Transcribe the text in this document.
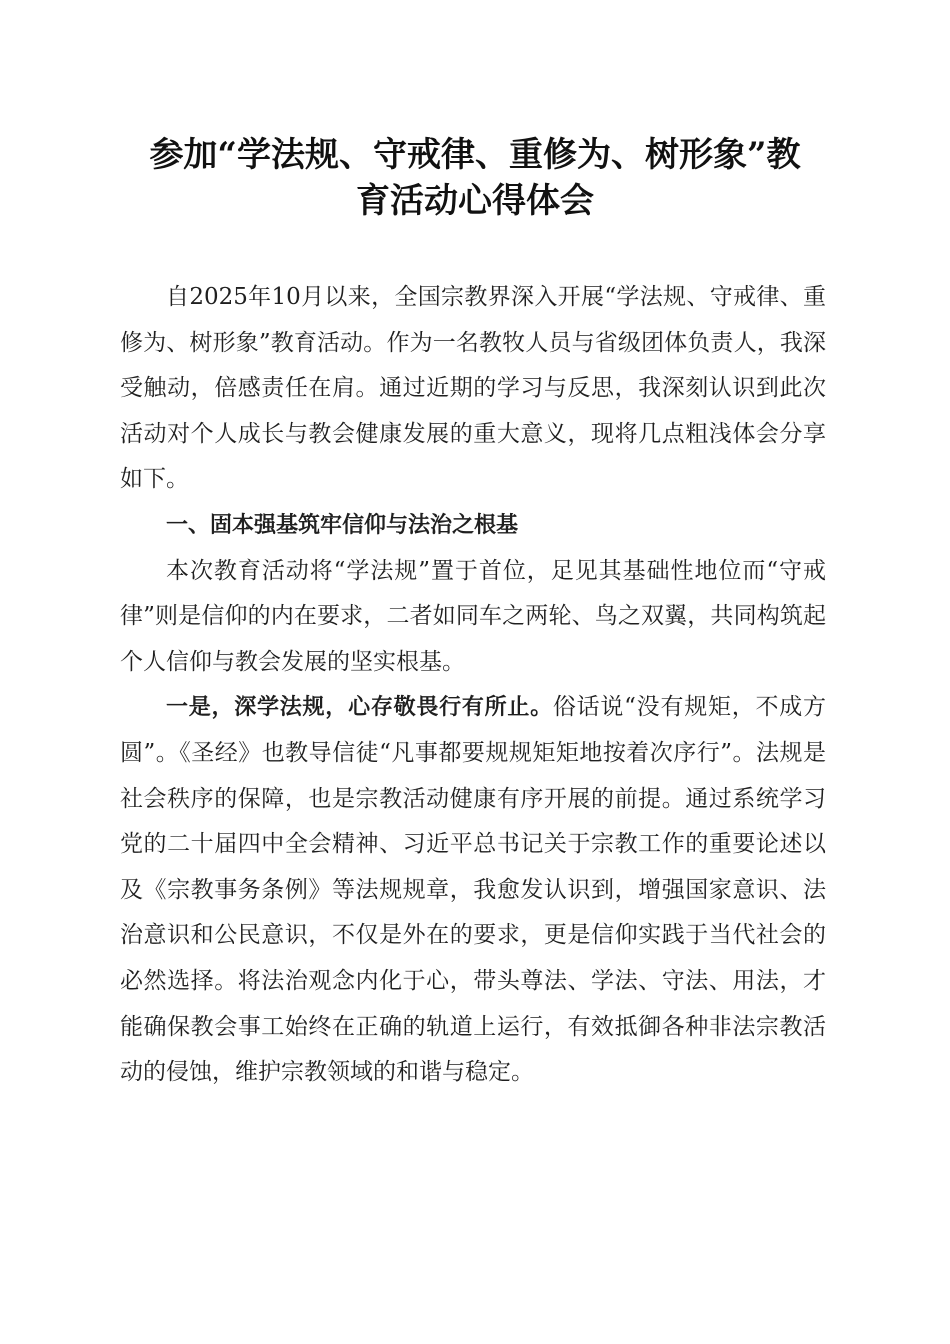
参加“学法规、守戒律、重修为、树形象”教
育活动心得体会

自2025年10月以来，全国宗教界深入开展“学法规、守戒律、重修为、树形象”教育活动。作为一名教牧人员与省级团体负责人，我深受触动，倍感责任在肩。通过近期的学习与反思，我深刻认识到此次活动对个人成长与教会健康发展的重大意义，现将几点粗浅体会分享如下。

一、固本强基筑牢信仰与法治之根基

本次教育活动将“学法规”置于首位，足见其基础性地位而“守戒律”则是信仰的内在要求，二者如同车之两轮、鸟之双翼，共同构筑起个人信仰与教会发展的坚实根基。

一是，深学法规，心存敬畏行有所止。俗话说“没有规矩，不成方圆”。《圣经》也教导信徒“凡事都要规规矩矩地按着次序行”。法规是社会秩序的保障，也是宗教活动健康有序开展的前提。通过系统学习党的二十届四中全会精神、习近平总书记关于宗教工作的重要论述以及《宗教事务条例》等法规规章，我愈发认识到，增强国家意识、法治意识和公民意识，不仅是外在的要求，更是信仰实践于当代社会的必然选择。将法治观念内化于心，带头尊法、学法、守法、用法，才能确保教会事工始终在正确的轨道上运行，有效抵御各种非法宗教活动的侵蚀，维护宗教领域的和谐与稳定。
